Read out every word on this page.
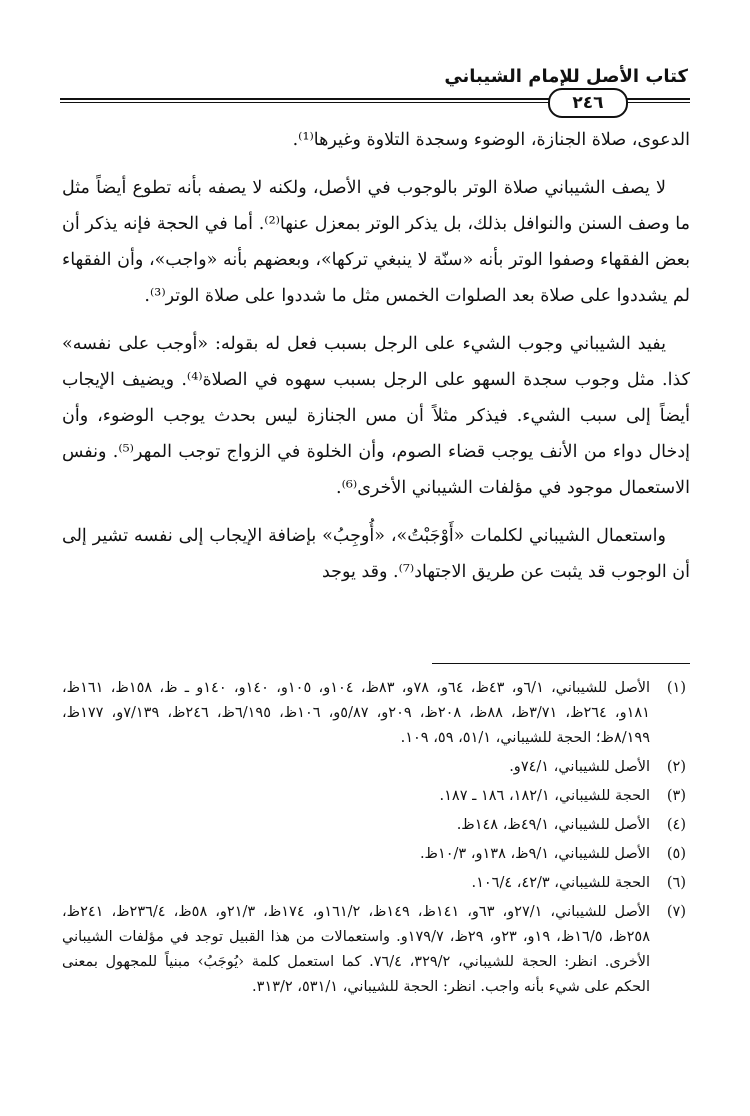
كتاب الأصل للإمام الشيباني
٢٤٦

الدعوى، صلاة الجنازة، الوضوء وسجدة التلاوة وغيرها⁽¹⁾.

لا يصف الشيباني صلاة الوتر بالوجوب في الأصل، ولكنه لا يصفه بأنه تطوع أيضاً مثل ما وصف السنن والنوافل بذلك، بل يذكر الوتر بمعزل عنها⁽²⁾. أما في الحجة فإنه يذكر أن بعض الفقهاء وصفوا الوتر بأنه «سنّة لا ينبغي تركها»، وبعضهم بأنه «واجب»، وأن الفقهاء لم يشددوا على صلاة بعد الصلوات الخمس مثل ما شددوا على صلاة الوتر⁽³⁾.

يفيد الشيباني وجوب الشيء على الرجل بسبب فعل له بقوله: «أوجب على نفسه» كذا. مثل وجوب سجدة السهو على الرجل بسبب سهوه في الصلاة⁽⁴⁾. ويضيف الإيجاب أيضاً إلى سبب الشيء. فيذكر مثلاً أن مس الجنازة ليس بحدث يوجب الوضوء، وأن إدخال دواء من الأنف يوجب قضاء الصوم، وأن الخلوة في الزواج توجب المهر⁽⁵⁾. ونفس الاستعمال موجود في مؤلفات الشيباني الأخرى⁽⁶⁾.

واستعمال الشيباني لكلمات «أَوْجَبْتُ»، «أُوجِبُ» بإضافة الإيجاب إلى نفسه تشير إلى أن الوجوب قد يثبت عن طريق الاجتهاد⁽⁷⁾. وقد يوجد

(١)
الأصل للشيباني، ٦/١و، ٤٣ظ، ٦٤و، ٧٨و، ٨٣ظ، ١٠٤و، ١٠٥و، ١٤٠و، ١٤٠و ـ ظ، ١٥٨ظ، ١٦١ظ، ١٨١و، ٢٦٤ظ، ٣/٧١ظ، ٨٨ظ، ٢٠٨ظ، ٢٠٩و، ٥/٨٧و، ١٠٦ظ، ٦/١٩٥ظ، ٢٤٦ظ، ٧/١٣٩و، ١٧٧ظ، ٨/١٩٩ظ؛ الحجة للشيباني، ٥١/١، ٥٩، ١٠٩.
(٢)
الأصل للشيباني، ٧٤/١و.
(٣)
الحجة للشيباني، ١٨٢/١، ١٨٦ ـ ١٨٧.
(٤)
الأصل للشيباني، ٤٩/١ظ، ١٤٨ظ.
(٥)
الأصل للشيباني، ٩/١ظ، ١٣٨و، ١٠/٣ظ.
(٦)
الحجة للشيباني، ٤٢/٣، ١٠٦/٤.
(٧)
الأصل للشيباني، ٢٧/١و، ٦٣و، ١٤١ظ، ١٤٩ظ، ١٦١/٢و، ١٧٤ظ، ٢١/٣و، ٥٨ظ، ٢٣٦/٤ظ، ٢٤١ظ، ٢٥٨ظ، ١٦/٥ظ، ١٩و، ٢٣و، ٢٩ظ، ١٧٩/٧و. واستعمالات من هذا القبيل توجد في مؤلفات الشيباني الأخرى. انظر: الحجة للشيباني، ٣٢٩/٢، ٧٦/٤. كما استعمل كلمة ‹يُوجَبُ› مبنياً للمجهول بمعنى الحكم على شيء بأنه واجب. انظر: الحجة للشيباني، ٥٣١/١، ٣١٣/٢.
